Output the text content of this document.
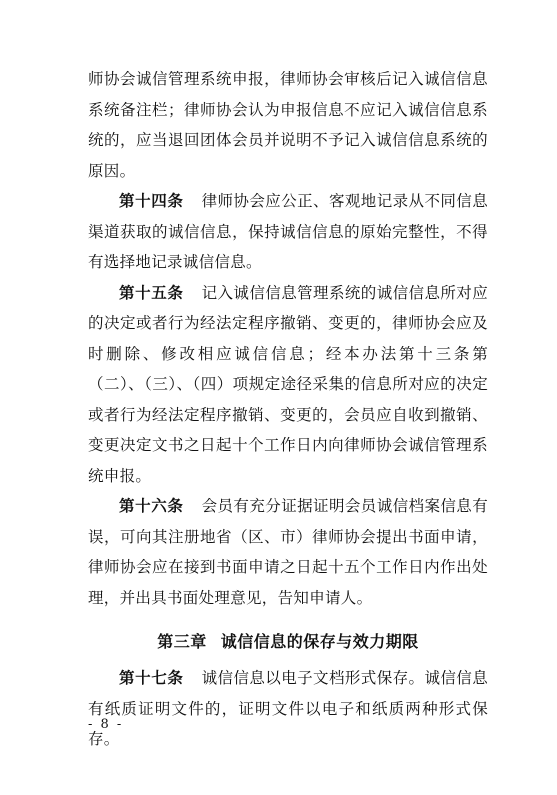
师协会诚信管理系统申报，律师协会审核后记入诚信信息系统备注栏；律师协会认为申报信息不应记入诚信信息系统的，应当退回团体会员并说明不予记入诚信信息系统的原因。

第十四条 律师协会应公正、客观地记录从不同信息渠道获取的诚信信息，保持诚信信息的原始完整性，不得有选择地记录诚信信息。

第十五条 记入诚信信息管理系统的诚信信息所对应的决定或者行为经法定程序撤销、变更的，律师协会应及时删除、修改相应诚信信息；经本办法第十三条第（二）、（三）、（四）项规定途径采集的信息所对应的决定或者行为经法定程序撤销、变更的，会员应自收到撤销、变更决定文书之日起十个工作日内向律师协会诚信管理系统申报。

第十六条 会员有充分证据证明会员诚信档案信息有误，可向其注册地省（区、市）律师协会提出书面申请，律师协会应在接到书面申请之日起十五个工作日内作出处理，并出具书面处理意见，告知申请人。

第三章 诚信信息的保存与效力期限

第十七条 诚信信息以电子文档形式保存。诚信信息有纸质证明文件的，证明文件以电子和纸质两种形式保存。

- 8 -
